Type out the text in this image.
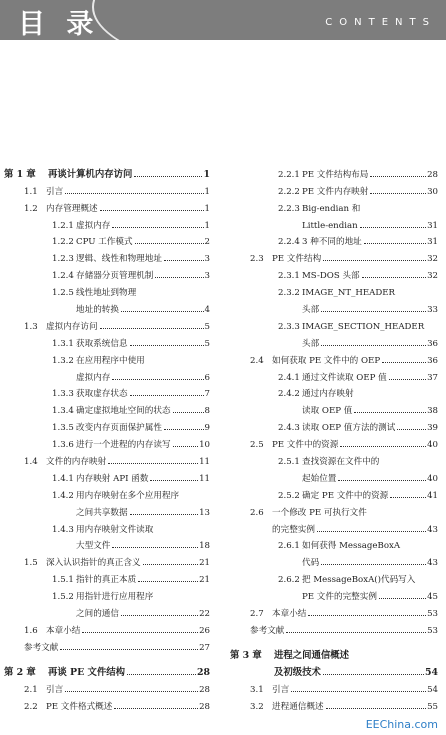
目 录	CONTENTS
第 1 章	再谈计算机内存访问	1
1.1 引言	1
1.2 内存管理概述	1
1.2.1 虚拟内存	1
1.2.2 CPU 工作模式	2
1.2.3 逻辑、线性和物理地址	3
1.2.4 存储器分页管理机制	3
1.2.5 线性地址到物理
地址的转换	4
1.3 虚拟内存访问	5
1.3.1 获取系统信息	5
1.3.2 在应用程序中使用
虚拟内存	6
1.3.3 获取虚存状态	7
1.3.4 确定虚拟地址空间的状态	8
1.3.5 改变内存页面保护属性	9
1.3.6 进行一个进程的内存读写	10
1.4 文件的内存映射	11
1.4.1 内存映射 API 函数	11
1.4.2 用内存映射在多个应用程序
之间共享数据	13
1.4.3 用内存映射文件读取
大型文件	18
1.5 深入认识指针的真正含义	21
1.5.1 指针的真正本质	21
1.5.2 用指针进行应用程序
之间的通信	22
1.6 本章小结	26
参考文献	27
第 2 章	再谈 PE 文件结构	28
2.1 引言	28
2.2 PE 文件格式概述	28
2.2.1 PE 文件结构布局	28
2.2.2 PE 文件内存映射	30
2.2.3 Big-endian 和
Little-endian	31
2.2.4 3 种不同的地址	31
2.3 PE 文件结构	32
2.3.1 MS-DOS 头部	32
2.3.2 IMAGE_NT_HEADER
头部	33
2.3.3 IMAGE_SECTION_HEADER
头部	36
2.4 如何获取 PE 文件中的 OEP	36
2.4.1 通过文件读取 OEP 值	37
2.4.2 通过内存映射
读取 OEP 值	38
2.4.3 读取 OEP 值方法的测试	39
2.5 PE 文件中的资源	40
2.5.1 查找资源在文件中的
起始位置	40
2.5.2 确定 PE 文件中的资源	41
2.6 一个修改 PE 可执行文件
的完整实例	43
2.6.1 如何获得 MessageBoxA
代码	43
2.6.2 把 MessageBoxA()代码写入
PE 文件的完整实例	45
2.7 本章小结	53
参考文献	53
第 3 章	进程之间通信概述
及初级技术	54
3.1 引言	54
3.2 进程通信概述	55
EEChina.com
